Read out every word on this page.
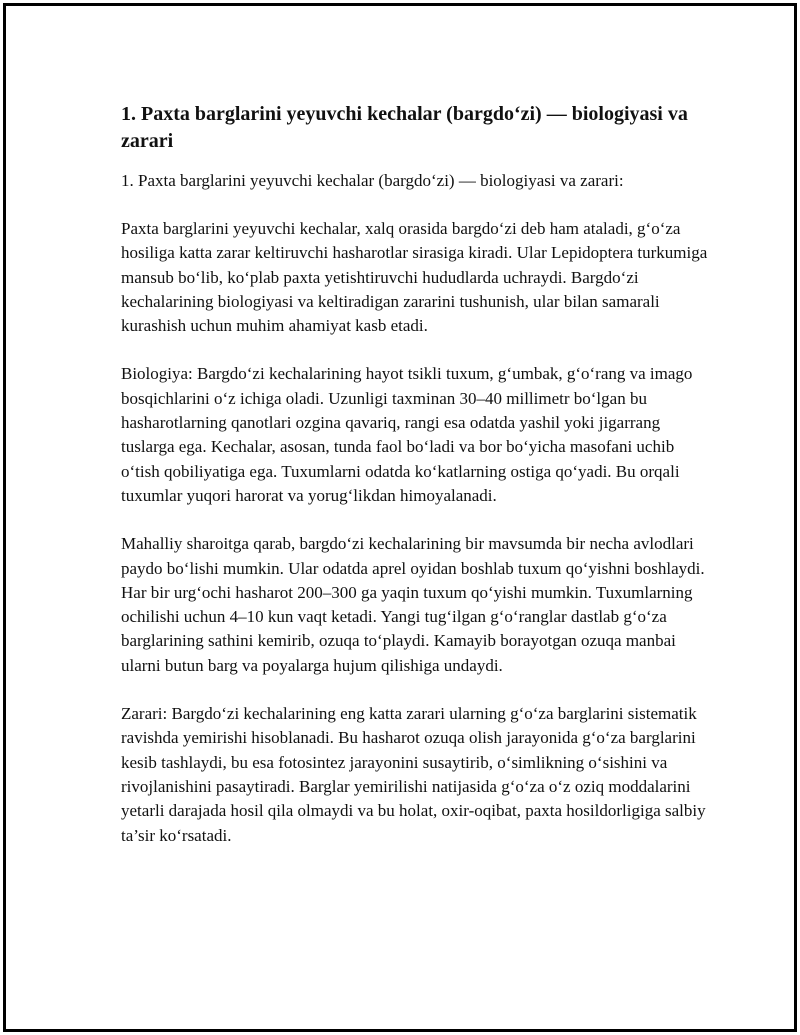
1. Paxta barglarini yeyuvchi kechalar (bargdo‘zi) — biologiyasi va zarari

1. Paxta barglarini yeyuvchi kechalar (bargdo‘zi) — biologiyasi va zarari:

Paxta barglarini yeyuvchi kechalar, xalq orasida bargdo‘zi deb ham ataladi, g‘o‘za hosiliga katta zarar keltiruvchi hasharotlar sirasiga kiradi. Ular Lepidoptera turkumiga mansub bo‘lib, ko‘plab paxta yetishtiruvchi hududlarda uchraydi. Bargdo‘zi kechalarining biologiyasi va keltiradigan zararini tushunish, ular bilan samarali kurashish uchun muhim ahamiyat kasb etadi.

Biologiya: Bargdo‘zi kechalarining hayot tsikli tuxum, g‘umbak, g‘o‘rang va imago bosqichlarini o‘z ichiga oladi. Uzunligi taxminan 30–40 millimetr bo‘lgan bu hasharotlarning qanotlari ozgina qavariq, rangi esa odatda yashil yoki jigarrang tuslarga ega. Kechalar, asosan, tunda faol bo‘ladi va bor bo‘yicha masofani uchib o‘tish qobiliyatiga ega. Tuxumlarni odatda ko‘katlarning ostiga qo‘yadi. Bu orqali tuxumlar yuqori harorat va yorug‘likdan himoyalanadi.

Mahalliy sharoitga qarab, bargdo‘zi kechalarining bir mavsumda bir necha avlodlari paydo bo‘lishi mumkin. Ular odatda aprel oyidan boshlab tuxum qo‘yishni boshlaydi. Har bir urg‘ochi hasharot 200–300 ga yaqin tuxum qo‘yishi mumkin. Tuxumlarning ochilishi uchun 4–10 kun vaqt ketadi. Yangi tug‘ilgan g‘o‘ranglar dastlab g‘o‘za barglarining sathini kemirib, ozuqa to‘playdi. Kamayib borayotgan ozuqa manbai ularni butun barg va poyalarga hujum qilishiga undaydi.

Zarari: Bargdo‘zi kechalarining eng katta zarari ularning g‘o‘za barglarini sistematik ravishda yemirishi hisoblanadi. Bu hasharot ozuqa olish jarayonida g‘o‘za barglarini kesib tashlaydi, bu esa fotosintez jarayonini susaytirib, o‘simlikning o‘sishini va rivojlanishini pasaytiradi. Barglar yemirilishi natijasida g‘o‘za o‘z oziq moddalarini yetarli darajada hosil qila olmaydi va bu holat, oxir-oqibat, paxta hosildorligiga salbiy ta’sir ko‘rsatadi.
